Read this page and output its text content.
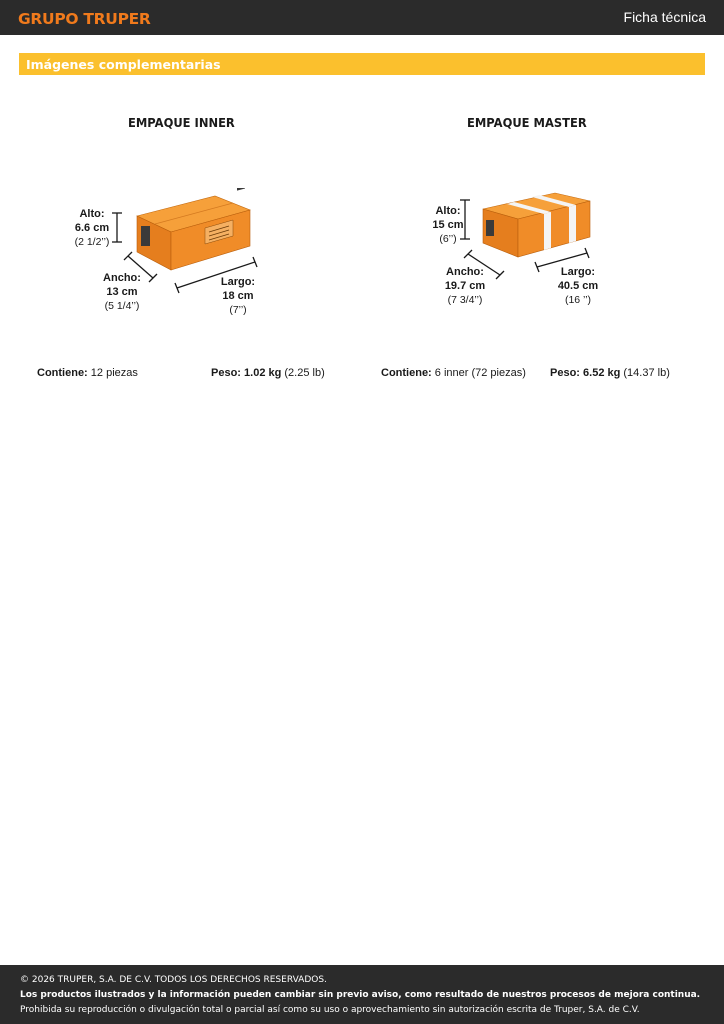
GRUPO TRUPER	Ficha técnica
Imágenes complementarias
EMPAQUE INNER
Alto:
6.6 cm
(2 1/2’’)
Ancho:
13 cm
(5 1/4’’)
Largo:
18 cm
(7’’)
EMPAQUE MASTER
Alto:
15 cm
(6’’)
Ancho:
19.7 cm
(7 3/4’’)
Largo:
40.5 cm
(16 ’’)
Contiene: 12 piezas	Peso: 1.02 kg (2.25 lb)	Contiene: 6 inner (72 piezas) Peso: 6.52 kg (14.37 lb)
© 2026 TRUPER, S.A. DE C.V. TODOS LOS DERECHOS RESERVADOS.
Los productos ilustrados y la información pueden cambiar sin previo aviso, como resultado de nuestros procesos de mejora continua.
Prohibida su reproducción o divulgación total o parcial así como su uso o aprovechamiento sin autorización escrita de Truper, S.A. de C.V.
